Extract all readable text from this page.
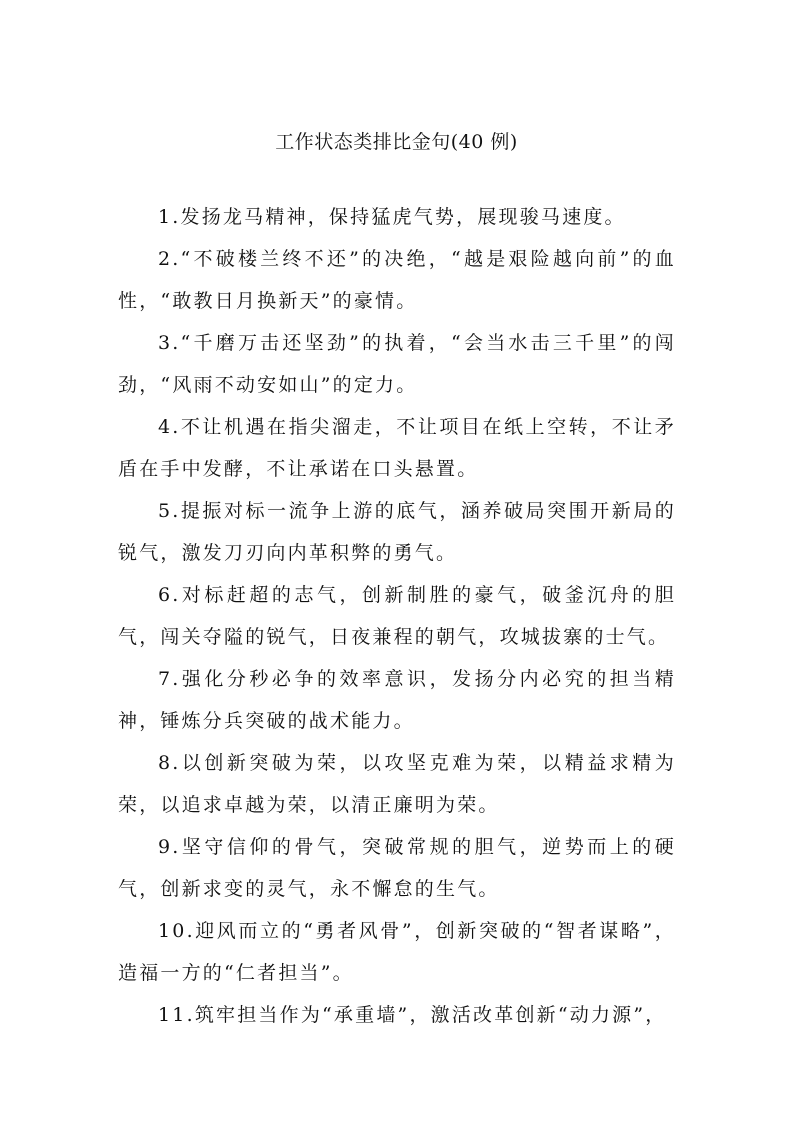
工作状态类排比金句(40 例)

1.发扬龙马精神，保持猛虎气势，展现骏马速度。

2.“不破楼兰终不还”的决绝，“越是艰险越向前”的血性，“敢教日月换新天”的豪情。

3.“千磨万击还坚劲”的执着，“会当水击三千里”的闯劲，“风雨不动安如山”的定力。

4.不让机遇在指尖溜走，不让项目在纸上空转，不让矛盾在手中发酵，不让承诺在口头悬置。

5.提振对标一流争上游的底气，涵养破局突围开新局的锐气，激发刀刃向内革积弊的勇气。

6.对标赶超的志气，创新制胜的豪气，破釜沉舟的胆气，闯关夺隘的锐气，日夜兼程的朝气，攻城拔寨的士气。

7.强化分秒必争的效率意识，发扬分内必究的担当精神，锤炼分兵突破的战术能力。

8.以创新突破为荣，以攻坚克难为荣，以精益求精为荣，以追求卓越为荣，以清正廉明为荣。

9.坚守信仰的骨气，突破常规的胆气，逆势而上的硬气，创新求变的灵气，永不懈怠的生气。

10.迎风而立的“勇者风骨”，创新突破的“智者谋略”，造福一方的“仁者担当”。

11.筑牢担当作为“承重墙”，激活改革创新“动力源”，
